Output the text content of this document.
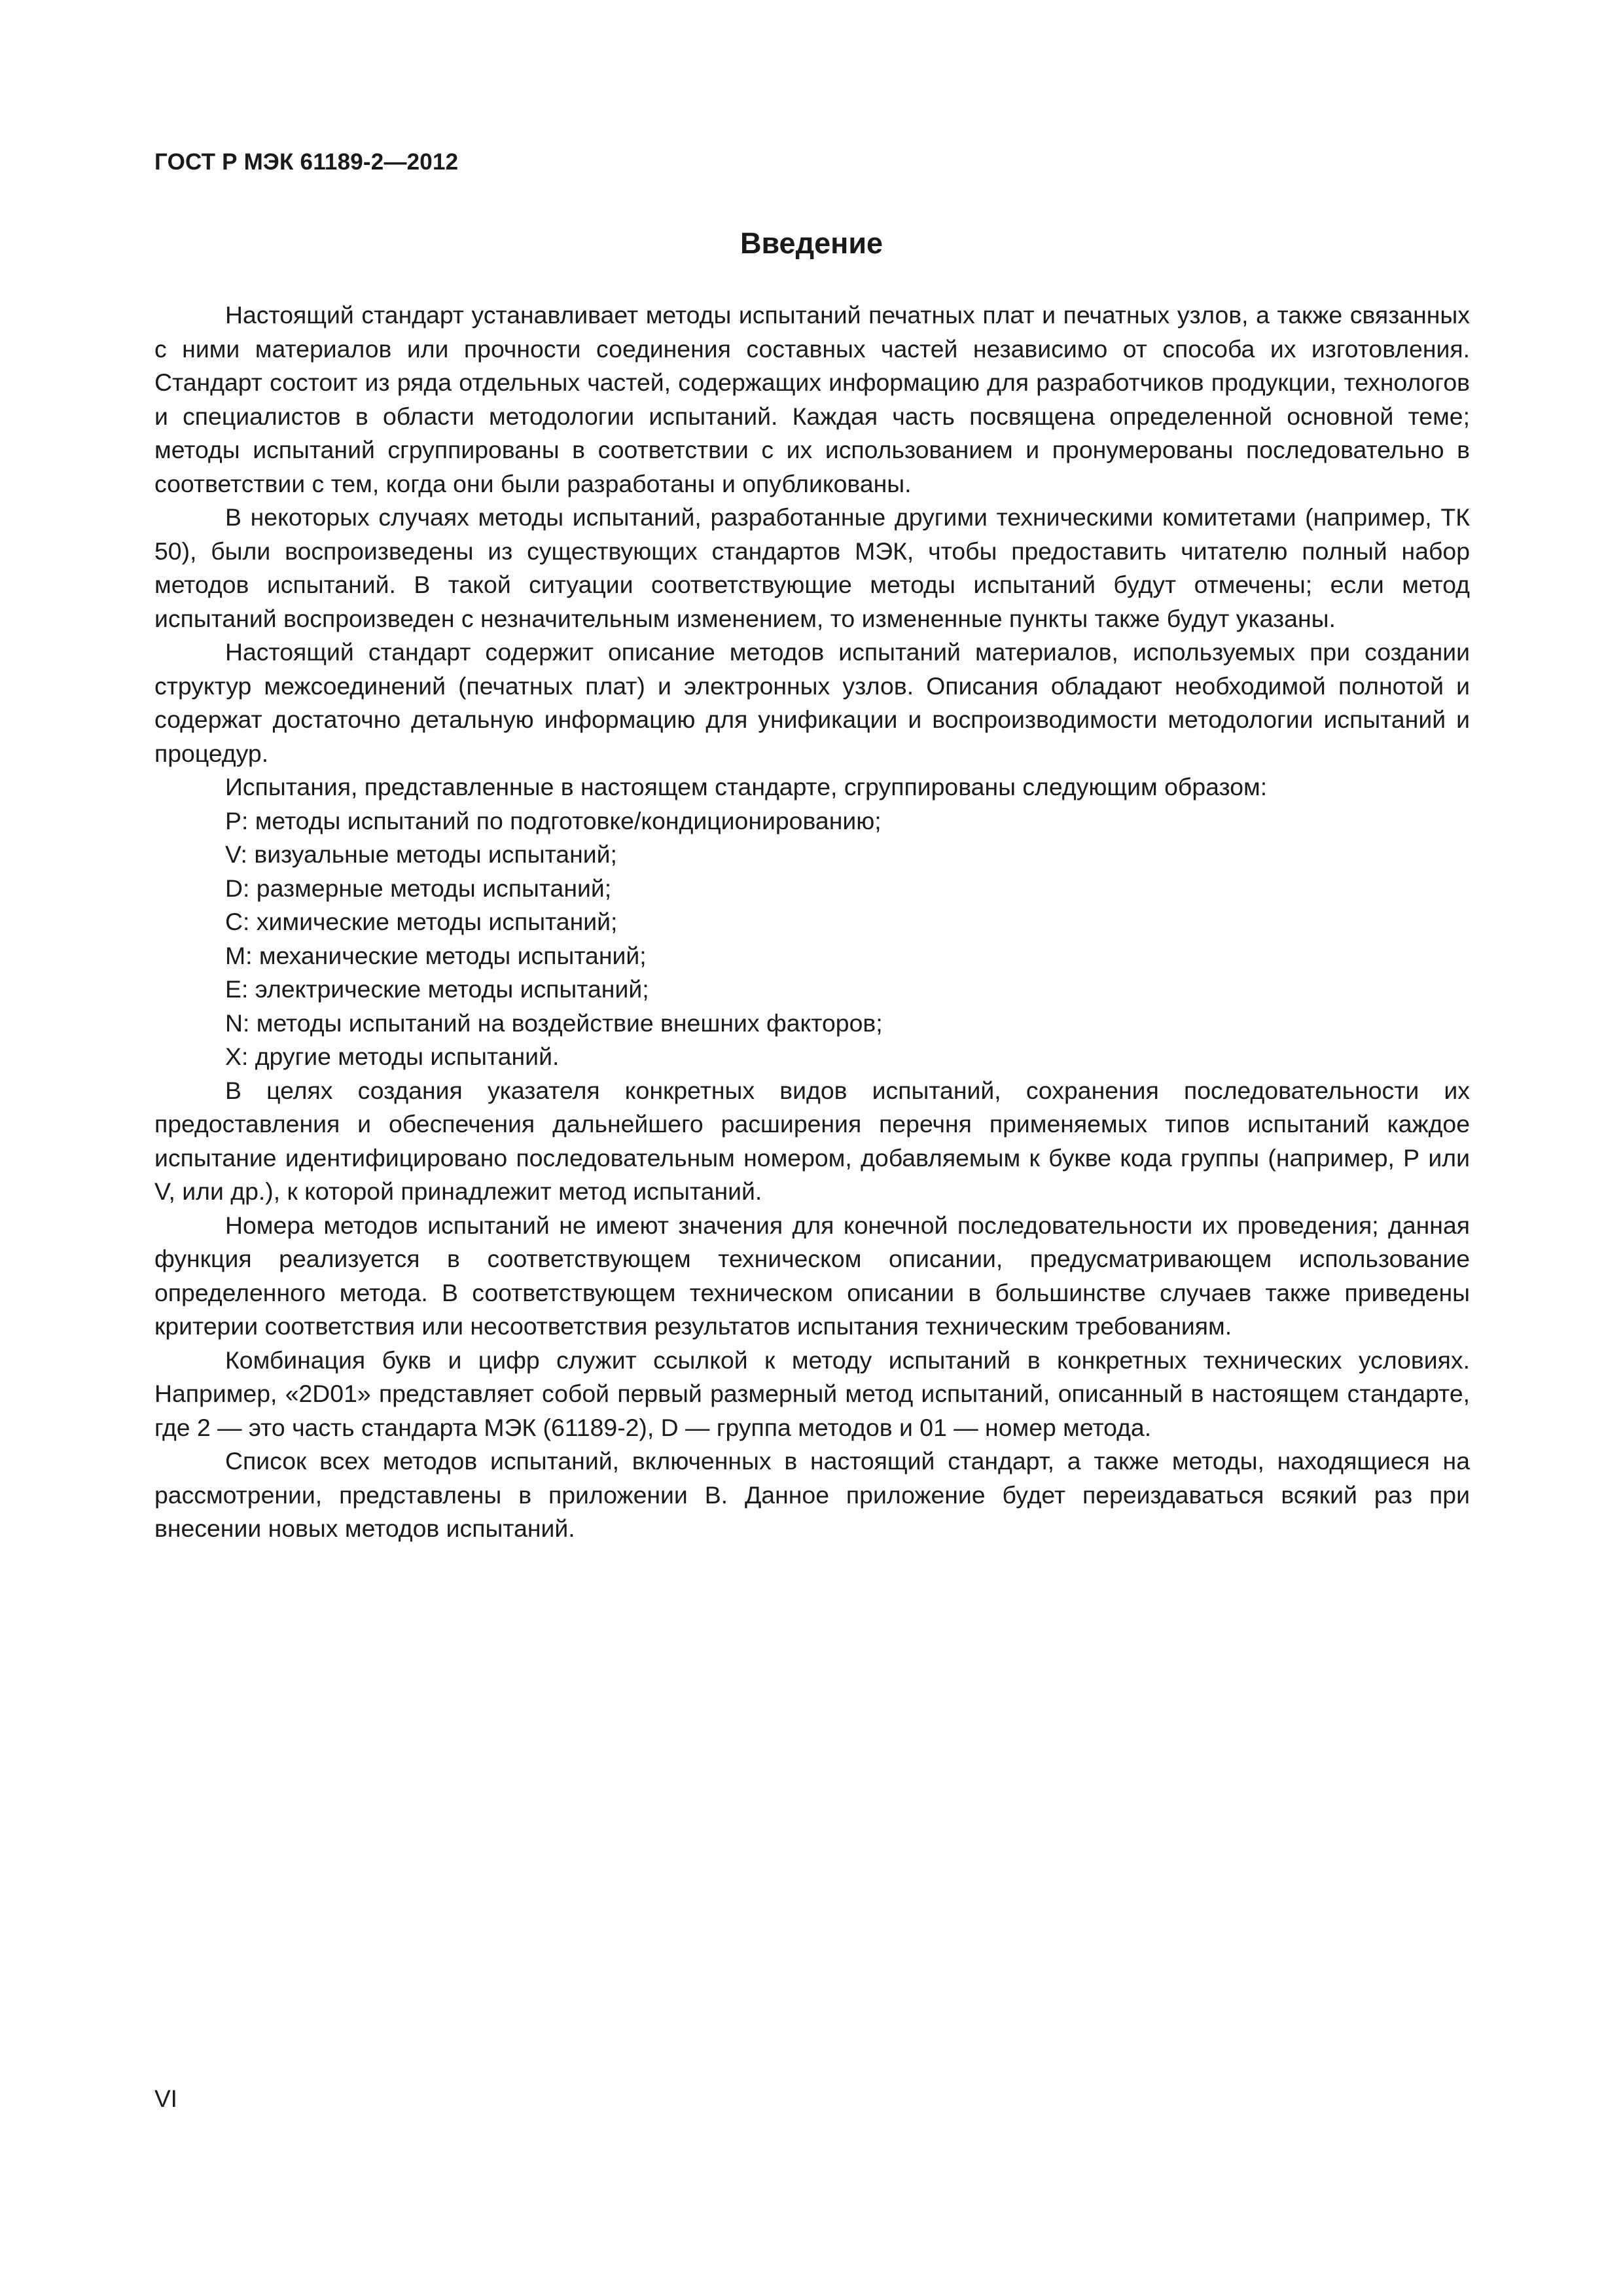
ГОСТ Р МЭК 61189-2—2012

Введение

Настоящий стандарт устанавливает методы испытаний печатных плат и печатных узлов, а также связанных с ними материалов или прочности соединения составных частей независимо от способа их изготовления. Стандарт состоит из ряда отдельных частей, содержащих информацию для разработчиков продукции, технологов и специалистов в области методологии испытаний. Каждая часть посвящена определенной основной теме; методы испытаний сгруппированы в соответствии с их использованием и пронумерованы последовательно в соответствии с тем, когда они были разработаны и опубликованы.

В некоторых случаях методы испытаний, разработанные другими техническими комитетами (например, ТК 50), были воспроизведены из существующих стандартов МЭК, чтобы предоставить читателю полный набор методов испытаний. В такой ситуации соответствующие методы испытаний будут отмечены; если метод испытаний воспроизведен с незначительным изменением, то измененные пункты также будут указаны.

Настоящий стандарт содержит описание методов испытаний материалов, используемых при создании структур межсоединений (печатных плат) и электронных узлов. Описания обладают необходимой полнотой и содержат достаточно детальную информацию для унификации и воспроизводимости методологии испытаний и процедур.

Испытания, представленные в настоящем стандарте, сгруппированы следующим образом:

P: методы испытаний по подготовке/кондиционированию;
V: визуальные методы испытаний;
D: размерные методы испытаний;
C: химические методы испытаний;
M: механические методы испытаний;
E: электрические методы испытаний;
N: методы испытаний на воздействие внешних факторов;
X: другие методы испытаний.

В целях создания указателя конкретных видов испытаний, сохранения последовательности их предоставления и обеспечения дальнейшего расширения перечня применяемых типов испытаний каждое испытание идентифицировано последовательным номером, добавляемым к букве кода группы (например, Р или V, или др.), к которой принадлежит метод испытаний.

Номера методов испытаний не имеют значения для конечной последовательности их проведения; данная функция реализуется в соответствующем техническом описании, предусматривающем использование определенного метода. В соответствующем техническом описании в большинстве случаев также приведены критерии соответствия или несоответствия результатов испытания техническим требованиям.

Комбинация букв и цифр служит ссылкой к методу испытаний в конкретных технических условиях. Например, «2D01» представляет собой первый размерный метод испытаний, описанный в настоящем стандарте, где 2 — это часть стандарта МЭК (61189-2), D — группа методов и 01 — номер метода.

Список всех методов испытаний, включенных в настоящий стандарт, а также методы, находящиеся на рассмотрении, представлены в приложении В. Данное приложение будет переиздаваться всякий раз при внесении новых методов испытаний.

VI
